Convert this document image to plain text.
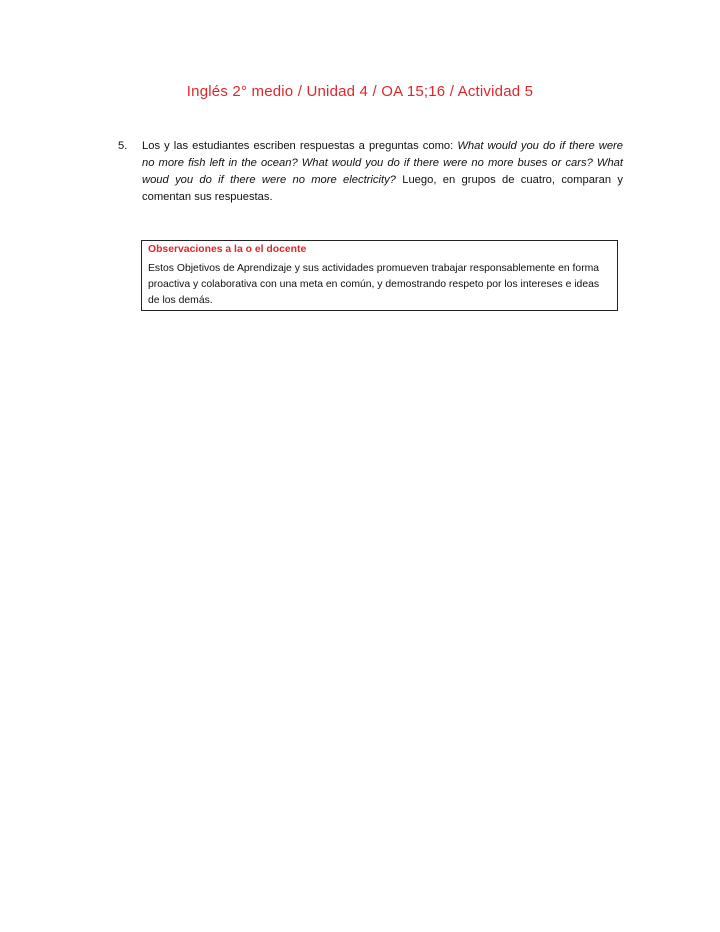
Inglés 2° medio / Unidad 4 / OA 15;16 / Actividad 5
5.	Los y las estudiantes escriben respuestas a preguntas como: What would you do if there were no more fish left in the ocean? What would you do if there were no more buses or cars? What woud you do if there were no more electricity? Luego, en grupos de cuatro, comparan y comentan sus respuestas.
Observaciones a la o el docente
Estos Objetivos de Aprendizaje y sus actividades promueven trabajar responsablemente en forma proactiva y colaborativa con una meta en común, y demostrando respeto por los intereses e ideas de los demás.
